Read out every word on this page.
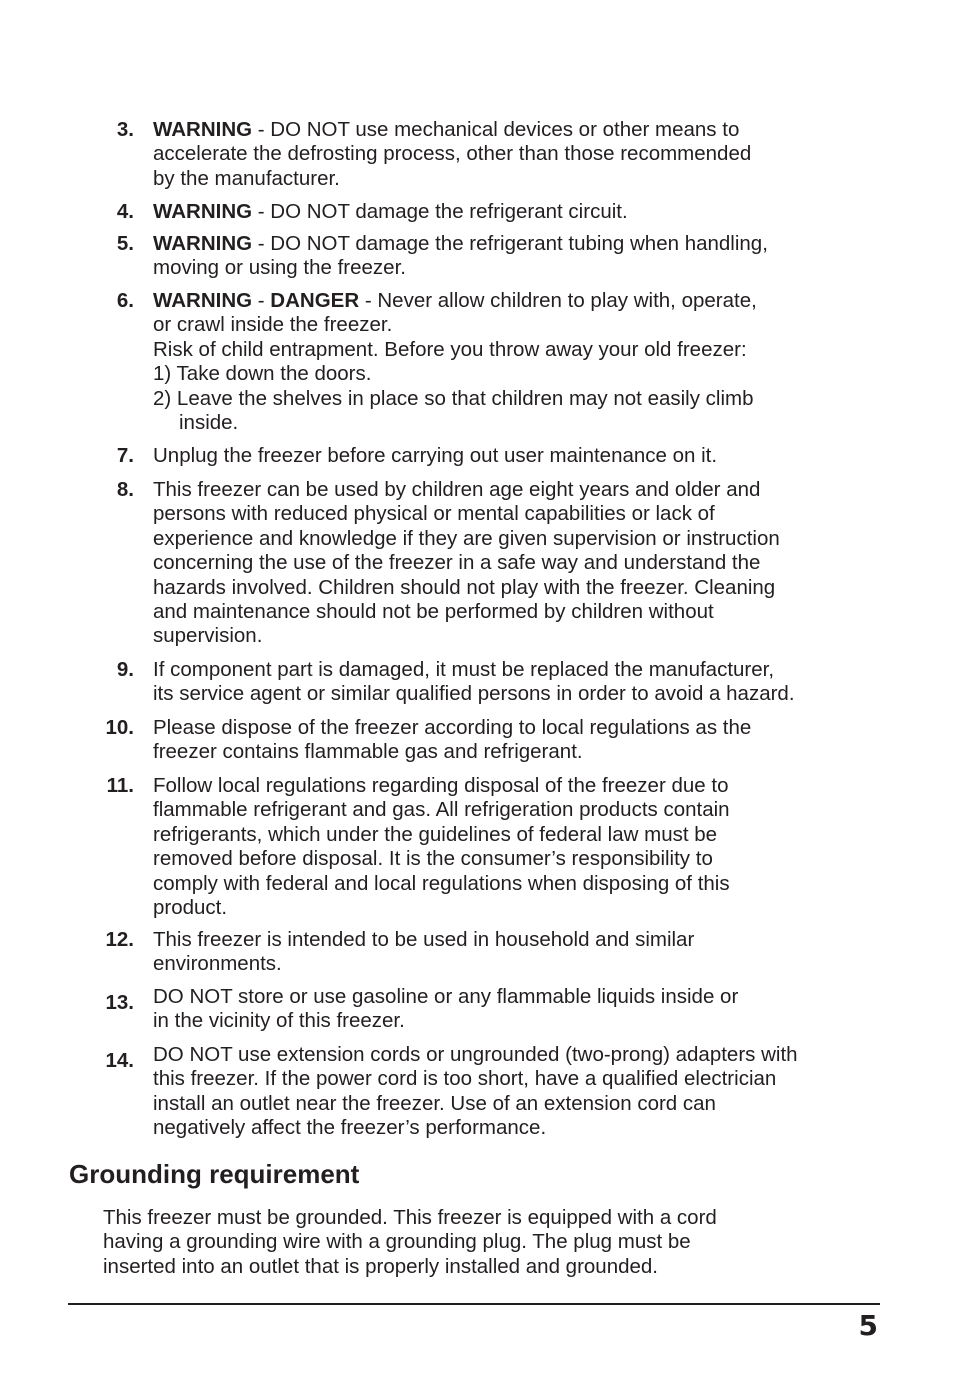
3. WARNING - DO NOT use mechanical devices or other means to
accelerate the defrosting process, other than those recommended
by the manufacturer.
4. WARNING - DO NOT damage the refrigerant circuit.
5. WARNING - DO NOT damage the refrigerant tubing when handling,
moving or using the freezer.
6. WARNING - DANGER - Never allow children to play with, operate,
or crawl inside the freezer.
Risk of child entrapment. Before you throw away your old freezer:
1) Take down the doors.
2) Leave the shelves in place so that children may not easily climb
inside.
7. Unplug the freezer before carrying out user maintenance on it.
8. This freezer can be used by children age eight years and older and
persons with reduced physical or mental capabilities or lack of
experience and knowledge if they are given supervision or instruction
concerning the use of the freezer in a safe way and understand the
hazards involved. Children should not play with the freezer. Cleaning
and maintenance should not be performed by children without
supervision.
9. If component part is damaged, it must be replaced the manufacturer,
its service agent or similar qualified persons in order to avoid a hazard.
10. Please dispose of the freezer according to local regulations as the
freezer contains flammable gas and refrigerant.
11. Follow local regulations regarding disposal of the freezer due to
flammable refrigerant and gas. All refrigeration products contain
refrigerants, which under the guidelines of federal law must be
removed before disposal. It is the consumer’s responsibility to
comply with federal and local regulations when disposing of this
product.
12. This freezer is intended to be used in household and similar
environments.
13. DO NOT store or use gasoline or any flammable liquids inside or
in the vicinity of this freezer.
14. DO NOT use extension cords or ungrounded (two-prong) adapters with
this freezer. If the power cord is too short, have a qualified electrician
install an outlet near the freezer. Use of an extension cord can
negatively affect the freezer’s performance.
Grounding requirement
This freezer must be grounded. This freezer is equipped with a cord
having a grounding wire with a grounding plug. The plug must be
inserted into an outlet that is properly installed and grounded.
5
